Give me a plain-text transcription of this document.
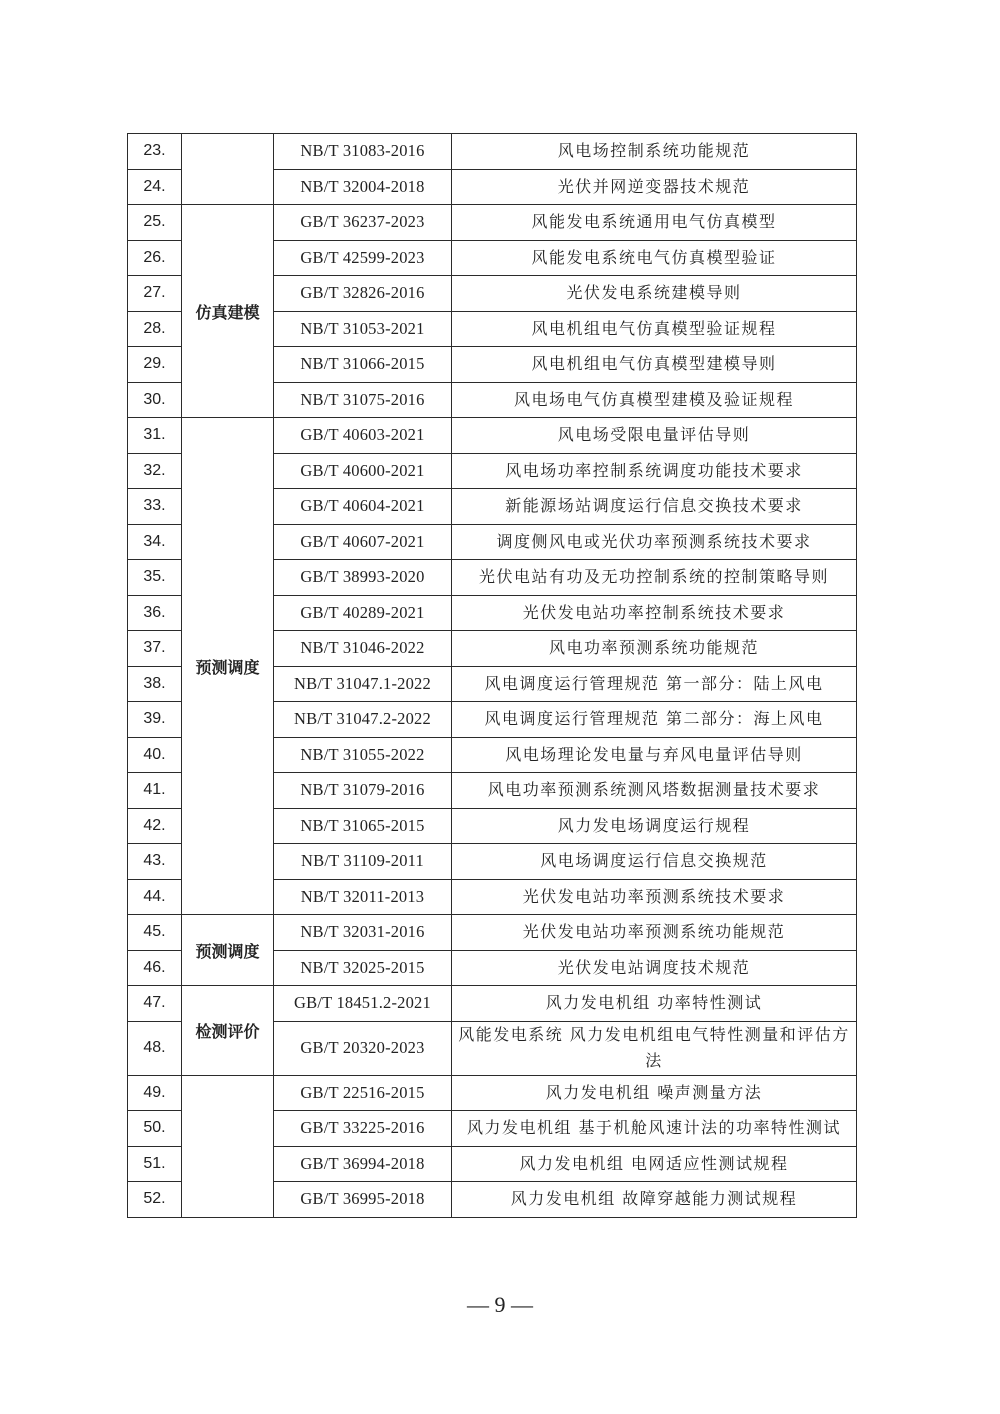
23.		NB/T 31083-2016	风电场控制系统功能规范
24.		NB/T 32004-2018	光伏并网逆变器技术规范
25.	仿真建模	GB/T 36237-2023	风能发电系统通用电气仿真模型
26.		GB/T 42599-2023	风能发电系统电气仿真模型验证
27.		GB/T 32826-2016	光伏发电系统建模导则
28.		NB/T 31053-2021	风电机组电气仿真模型验证规程
29.		NB/T 31066-2015	风电机组电气仿真模型建模导则
30.		NB/T 31075-2016	风电场电气仿真模型建模及验证规程
31.	预测调度	GB/T 40603-2021	风电场受限电量评估导则
32.		GB/T 40600-2021	风电场功率控制系统调度功能技术要求
33.		GB/T 40604-2021	新能源场站调度运行信息交换技术要求
34.		GB/T 40607-2021	调度侧风电或光伏功率预测系统技术要求
35.		GB/T 38993-2020	光伏电站有功及无功控制系统的控制策略导则
36.		GB/T 40289-2021	光伏发电站功率控制系统技术要求
37.		NB/T 31046-2022	风电功率预测系统功能规范
38.		NB/T 31047.1-2022	风电调度运行管理规范 第一部分：陆上风电
39.		NB/T 31047.2-2022	风电调度运行管理规范 第二部分：海上风电
40.		NB/T 31055-2022	风电场理论发电量与弃风电量评估导则
41.		NB/T 31079-2016	风电功率预测系统测风塔数据测量技术要求
42.		NB/T 31065-2015	风力发电场调度运行规程
43.		NB/T 31109-2011	风电场调度运行信息交换规范
44.		NB/T 32011-2013	光伏发电站功率预测系统技术要求
45.	预测调度	NB/T 32031-2016	光伏发电站功率预测系统功能规范
46.		NB/T 32025-2015	光伏发电站调度技术规范
47.	检测评价	GB/T 18451.2-2021	风力发电机组 功率特性测试
48.		GB/T 20320-2023	风能发电系统 风力发电机组电气特性测量和评估方法
49.		GB/T 22516-2015	风力发电机组 噪声测量方法
50.		GB/T 33225-2016	风力发电机组 基于机舱风速计法的功率特性测试
51.		GB/T 36994-2018	风力发电机组 电网适应性测试规程
52.		GB/T 36995-2018	风力发电机组 故障穿越能力测试规程
— 9 —
